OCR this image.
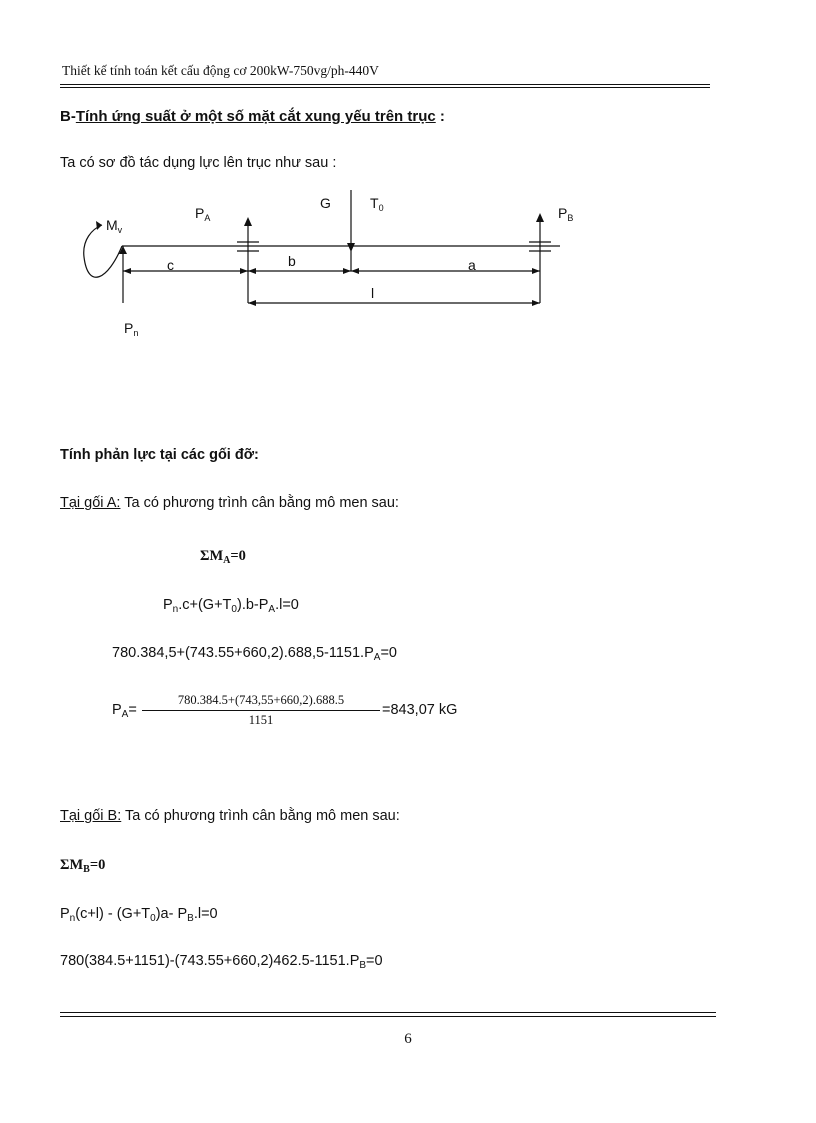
Thiết kế tính toán kết cấu động cơ 200kW-750vg/ph-440V
B-Tính ứng suất ở một số mặt cắt xung yếu trên trục :
Ta có sơ đồ tác dụng lực lên trục như sau :
$M_v$
$P_A$
G	$T_0$	$P_B$
c	b	a
l
$P_n$
Tính phản lực tại các gối đỡ:
Tại gối A: Ta có phương trình cân bằng mô men sau:
$\Sigma M_A=0$
$P_n.c+(G+T_0).b-P_A.l=0$
$780.384,5+(743.55+660,2).688,5-1151.P_A=0$
$P_A= \frac{780.384.5+(743,55+660,2).688.5}{1151} =843,07$ kG
Tại gối B: Ta có phương trình cân bằng mô men sau:
$\Sigma M_B=0$
$P_n(c+l) - (G+T_0)a-$ $P_B.l=0$
$780(384.5+1151)-(743.55+660,2)462.5-1151.P_B=0$
6
